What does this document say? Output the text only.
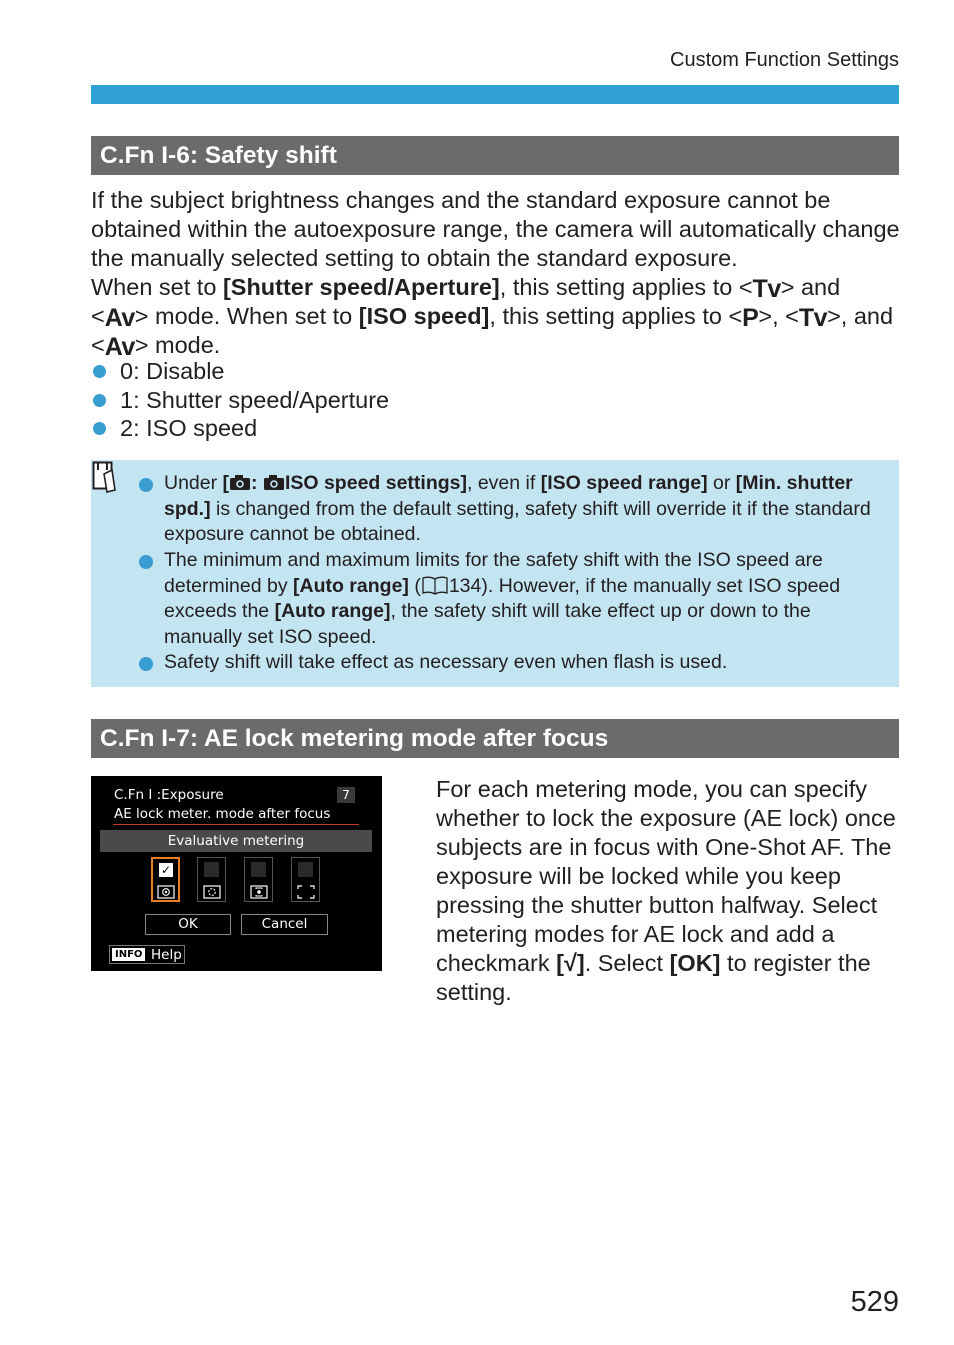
Custom Function Settings
C.Fn I-6: Safety shift

If the subject brightness changes and the standard exposure cannot be obtained within the autoexposure range, the camera will automatically change the manually selected setting to obtain the standard exposure.

When set to [Shutter speed/Aperture], this setting applies to <Tv> and <Av> mode. When set to [ISO speed], this setting applies to <P>, <Tv>, and <Av> mode.

0: Disable
1: Shutter speed/Aperture
2: ISO speed
Under [ : ISO speed settings], even if [ISO speed range] or [Min. shutter spd.] is changed from the default setting, safety shift will override it if the standard exposure cannot be obtained.
The minimum and maximum limits for the safety shift with the ISO speed are determined by [Auto range] ( 134). However, if the manually set ISO speed exceeds the [Auto range], the safety shift will take effect up or down to the manually set ISO speed.
Safety shift will take effect as necessary even when flash is used.
C.Fn I-7: AE lock metering mode after focus
C.Fn I :Exposure	7
AE lock meter. mode after focus
Evaluative metering
✓
OK	Cancel
INFO Help
For each metering mode, you can specify whether to lock the exposure (AE lock) once subjects are in focus with One-Shot AF. The exposure will be locked while you keep pressing the shutter button halfway. Select metering modes for AE lock and add a checkmark [√]. Select [OK] to register the setting.
529
